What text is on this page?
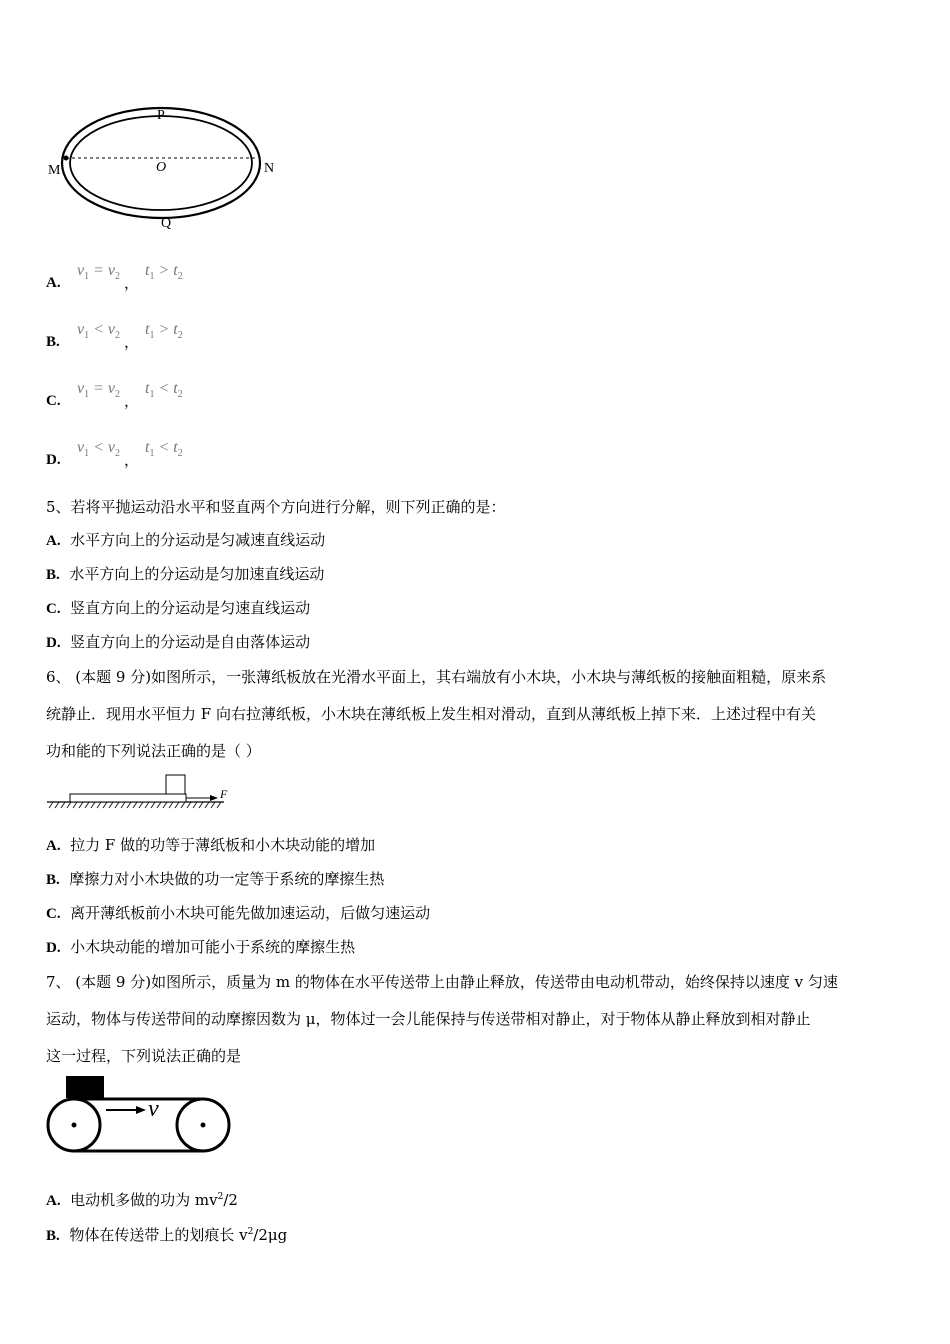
P
O
M	N
Q
A.
$v_1 = v_2$ ，
$t_1 > t_2$
B.
$v_1 < v_2$ ，
$t_1 > t_2$
C.
$v_1 = v_2$ ，
$t_1 < t_2$
D.
$v_1 < v_2$ ，
$t_1 < t_2$
5、若将平抛运动沿水平和竖直两个方向进行分解，则下列正确的是：
A. 水平方向上的分运动是匀减速直线运动
B. 水平方向上的分运动是匀加速直线运动
C. 竖直方向上的分运动是匀速直线运动
D. 竖直方向上的分运动是自由落体运动
6、 (本题 9 分)如图所示，一张薄纸板放在光滑水平面上，其右端放有小木块，小木块与薄纸板的接触面粗糙，原来系
统静止．现用水平恒力 F 向右拉薄纸板，小木块在薄纸板上发生相对滑动，直到从薄纸板上掉下来．上述过程中有关
功和能的下列说法正确的是（ ）
F
A. 拉力 F 做的功等于薄纸板和小木块动能的增加
B. 摩擦力对小木块做的功一定等于系统的摩擦生热
C. 离开薄纸板前小木块可能先做加速运动，后做匀速运动
D. 小木块动能的增加可能小于系统的摩擦生热
7、 (本题 9 分)如图所示，质量为 m 的物体在水平传送带上由静止释放，传送带由电动机带动，始终保持以速度 v 匀速
运动，物体与传送带间的动摩擦因数为 μ，物体过一会儿能保持与传送带相对静止，对于物体从静止释放到相对静止
这一过程，下列说法正确的是
v
A. 电动机多做的功为 $mv^2/2$
B. 物体在传送带上的划痕长 $v^2/2\mu g$
